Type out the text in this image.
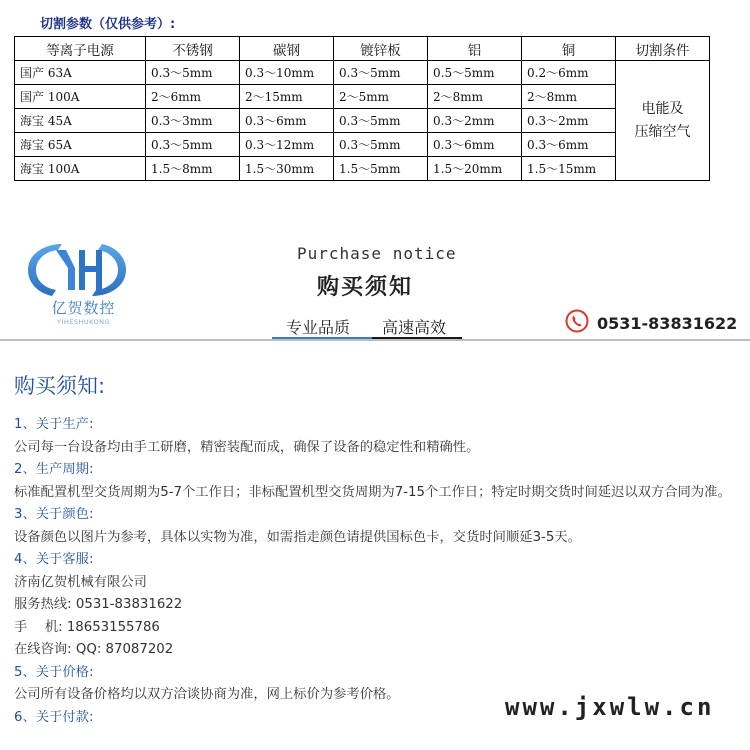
切割参数（仅供参考）:
等离子电源	不锈钢	碳钢	镀锌板	铝	铜	切割条件
国产 63A	0.3～5mm	0.3～10mm	0.3～5mm	0.5～5mm	0.2～6mm	电能及
压缩空气

国产 100A	2～6mm	2～15mm	2～5mm	2～8mm	2～8mm	
海宝 45A	0.3～3mm	0.3～6mm	0.3～5mm	0.3～2mm	0.3～2mm	
海宝 65A	0.3～5mm	0.3～12mm	0.3～5mm	0.3～6mm	0.3～6mm	
海宝 100A	1.5～8mm	1.5～30mm	1.5～5mm	1.5～20mm	1.5～15mm	
亿贺数控
YIHESHUKONG
Purchase notice
购买须知
专业品质 高速高效	0531-83831622
购买须知:
1、关于生产:
公司每一台设备均由手工研磨，精密装配而成，确保了设备的稳定性和精确性。
2、生产周期:
标准配置机型交货周期为5-7个工作日；非标配置机型交货周期为7-15个工作日；特定时期交货时间延迟以双方合同为准。
3、关于颜色:
设备颜色以图片为参考，具体以实物为准，如需指走颜色请提供国标色卡，交货时间顺延3-5天。
4、关于客服:
济南亿贺机械有限公司
服务热线: 0531-83831622
手　 机: 18653155786
在线咨询: QQ: 87087202
5、关于价格:
公司所有设备价格均以双方洽谈协商为准，网上标价为参考价格。
6、关于付款:	www.jxwlw.cn
